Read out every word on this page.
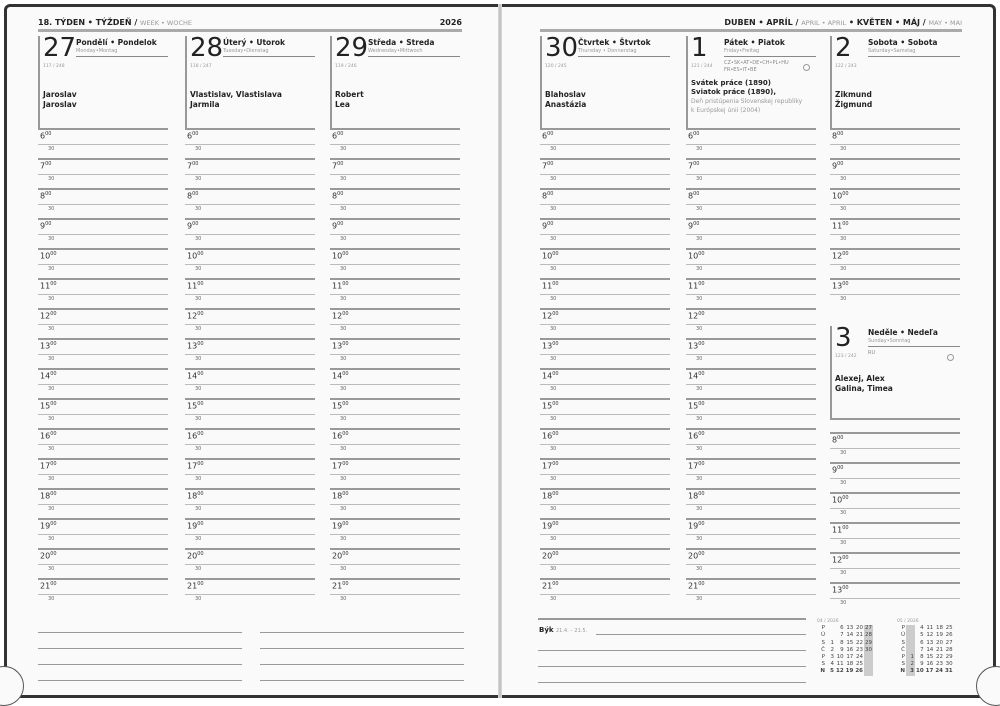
18. TÝDEN • TÝŽDEŇ / WEEK • WOCHE	2026	DUBEN • APRÍL / APRIL • APRIL • KVĚTEN • MÁJ / MAY • MAI
27 Pondělí • Pondelok
Monday•Montag
117 / 248
Jaroslav
Jaroslav
28 Úterý • Utorok
Tuesday•Dienstag
118 / 247
Vlastislav, Vlastislava
Jarmila
29 Středa • Streda
Wednesday•Mittwoch
119 / 246
Robert
Lea
30 Čtvrtek • Štvrtok
Thursday • Donnerstag
120 / 245
Blahoslav
Anastázia
1 Pátek • Piatok
Friday•Freitag
121 / 244
CZ•SK•AT•DE•CH•PL•HU
FR•ES•IT•BE
Svátek práce (1890)
Sviatok práce (1890),
Deň pristúpenia Slovenskej republiky
k Európskej únii (2004)
2 Sobota • Sobota
Saturday•Samstag
122 / 243
Zikmund
Žigmund
3 Neděle • Nedeľa
Sunday•Sonntag
123 / 242
RU
Alexej, Alex
Galina, Timea
$6^{00}$
30
$7^{00}$
30
$8^{00}$
30
$9^{00}$
30
$10^{00}$
30
$11^{00}$
30
$12^{00}$
30
$13^{00}$
30
$14^{00}$
30
$15^{00}$
30
$16^{00}$
30
$17^{00}$
30
$18^{00}$
30
$19^{00}$
30
$20^{00}$
30
$21^{00}$
30
$6^{00}$
30
$7^{00}$
30
$8^{00}$
30
$9^{00}$
30
$10^{00}$
30
$11^{00}$
30
$12^{00}$
30
$13^{00}$
30
$14^{00}$
30
$15^{00}$
30
$16^{00}$
30
$17^{00}$
30
$18^{00}$
30
$19^{00}$
30
$20^{00}$
30
$21^{00}$
30
$6^{00}$
30
$7^{00}$
30
$8^{00}$
30
$9^{00}$
30
$10^{00}$
30
$11^{00}$
30
$12^{00}$
30
$13^{00}$
30
$14^{00}$
30
$15^{00}$
30
$16^{00}$
30
$17^{00}$
30
$18^{00}$
30
$19^{00}$
30
$20^{00}$
30
$21^{00}$
30
$6^{00}$
30
$7^{00}$
30
$8^{00}$
30
$9^{00}$
30
$10^{00}$
30
$11^{00}$
30
$12^{00}$
30
$13^{00}$
30
$14^{00}$
30
$15^{00}$
30
$16^{00}$
30
$17^{00}$
30
$18^{00}$
30
$19^{00}$
30
$20^{00}$
30
$21^{00}$
30
$6^{00}$
30
$7^{00}$
30
$8^{00}$
30
$9^{00}$
30
$10^{00}$
30
$11^{00}$
30
$12^{00}$
30
$13^{00}$
30
$14^{00}$
30
$15^{00}$
30
$16^{00}$
30
$17^{00}$
30
$18^{00}$
30
$19^{00}$
30
$20^{00}$
30
$21^{00}$
30
$8^{00}$
30
$9^{00}$
30
$10^{00}$
30
$11^{00}$
30
$12^{00}$
30
$13^{00}$
30
$8^{00}$
30
$9^{00}$
30
$10^{00}$
30
$11^{00}$
30
$12^{00}$
30
$13^{00}$
30
04 / 2026
P		6	13	20	27
Ú		7	14	21	28
S	1	8	15	22	29
Č	2	9	16	23	30
P	3	10	17	24	
S	4	11	18	25	
N	5	12	19	26	
05 / 2026
P		4	11	18	25
Ú		5	12	19	26
S		6	13	20	27
Č		7	14	21	28
P	1	8	15	22	29
S	2	9	16	23	30
N	3	10	17	24	31
Býk 21.4. – 21.5.
